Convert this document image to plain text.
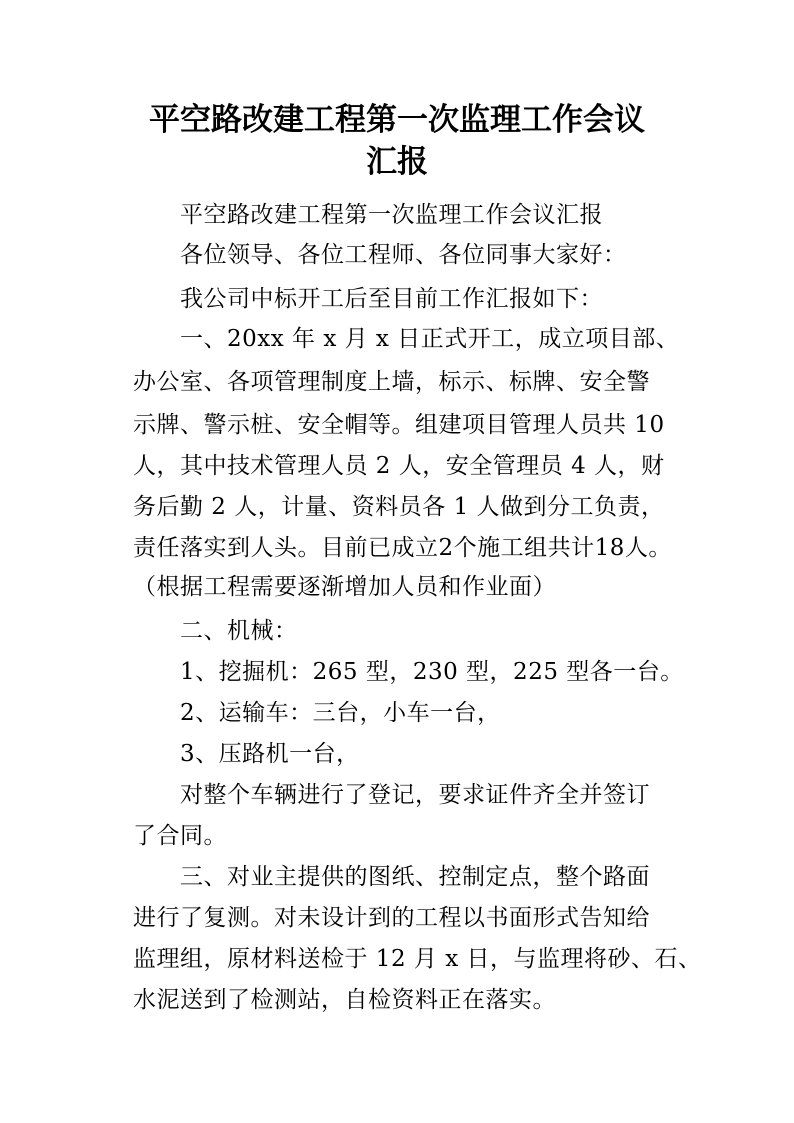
平空路改建工程第一次监理工作会议
汇报
平空路改建工程第一次监理工作会议汇报
各位领导、各位工程师、各位同事大家好：
我公司中标开工后至目前工作汇报如下：
一、20xx 年 x 月 x 日正式开工，成立项目部、
办公室、各项管理制度上墙，标示、标牌、安全警
示牌、警示桩、安全帽等。组建项目管理人员共 10
人，其中技术管理人员 2 人，安全管理员 4 人，财
务后勤 2 人，计量、资料员各 1 人做到分工负责，
责任落实到人头。目前已成立2个施工组共计18人。
（根据工程需要逐渐增加人员和作业面）
二、机械：
1、挖掘机：265 型，230 型，225 型各一台。
2、运输车：三台，小车一台，
3、压路机一台，
对整个车辆进行了登记，要求证件齐全并签订
了合同。
三、对业主提供的图纸、控制定点，整个路面
进行了复测。对未设计到的工程以书面形式告知给
监理组，原材料送检于 12 月 x 日，与监理将砂、石、
水泥送到了检测站，自检资料正在落实。
